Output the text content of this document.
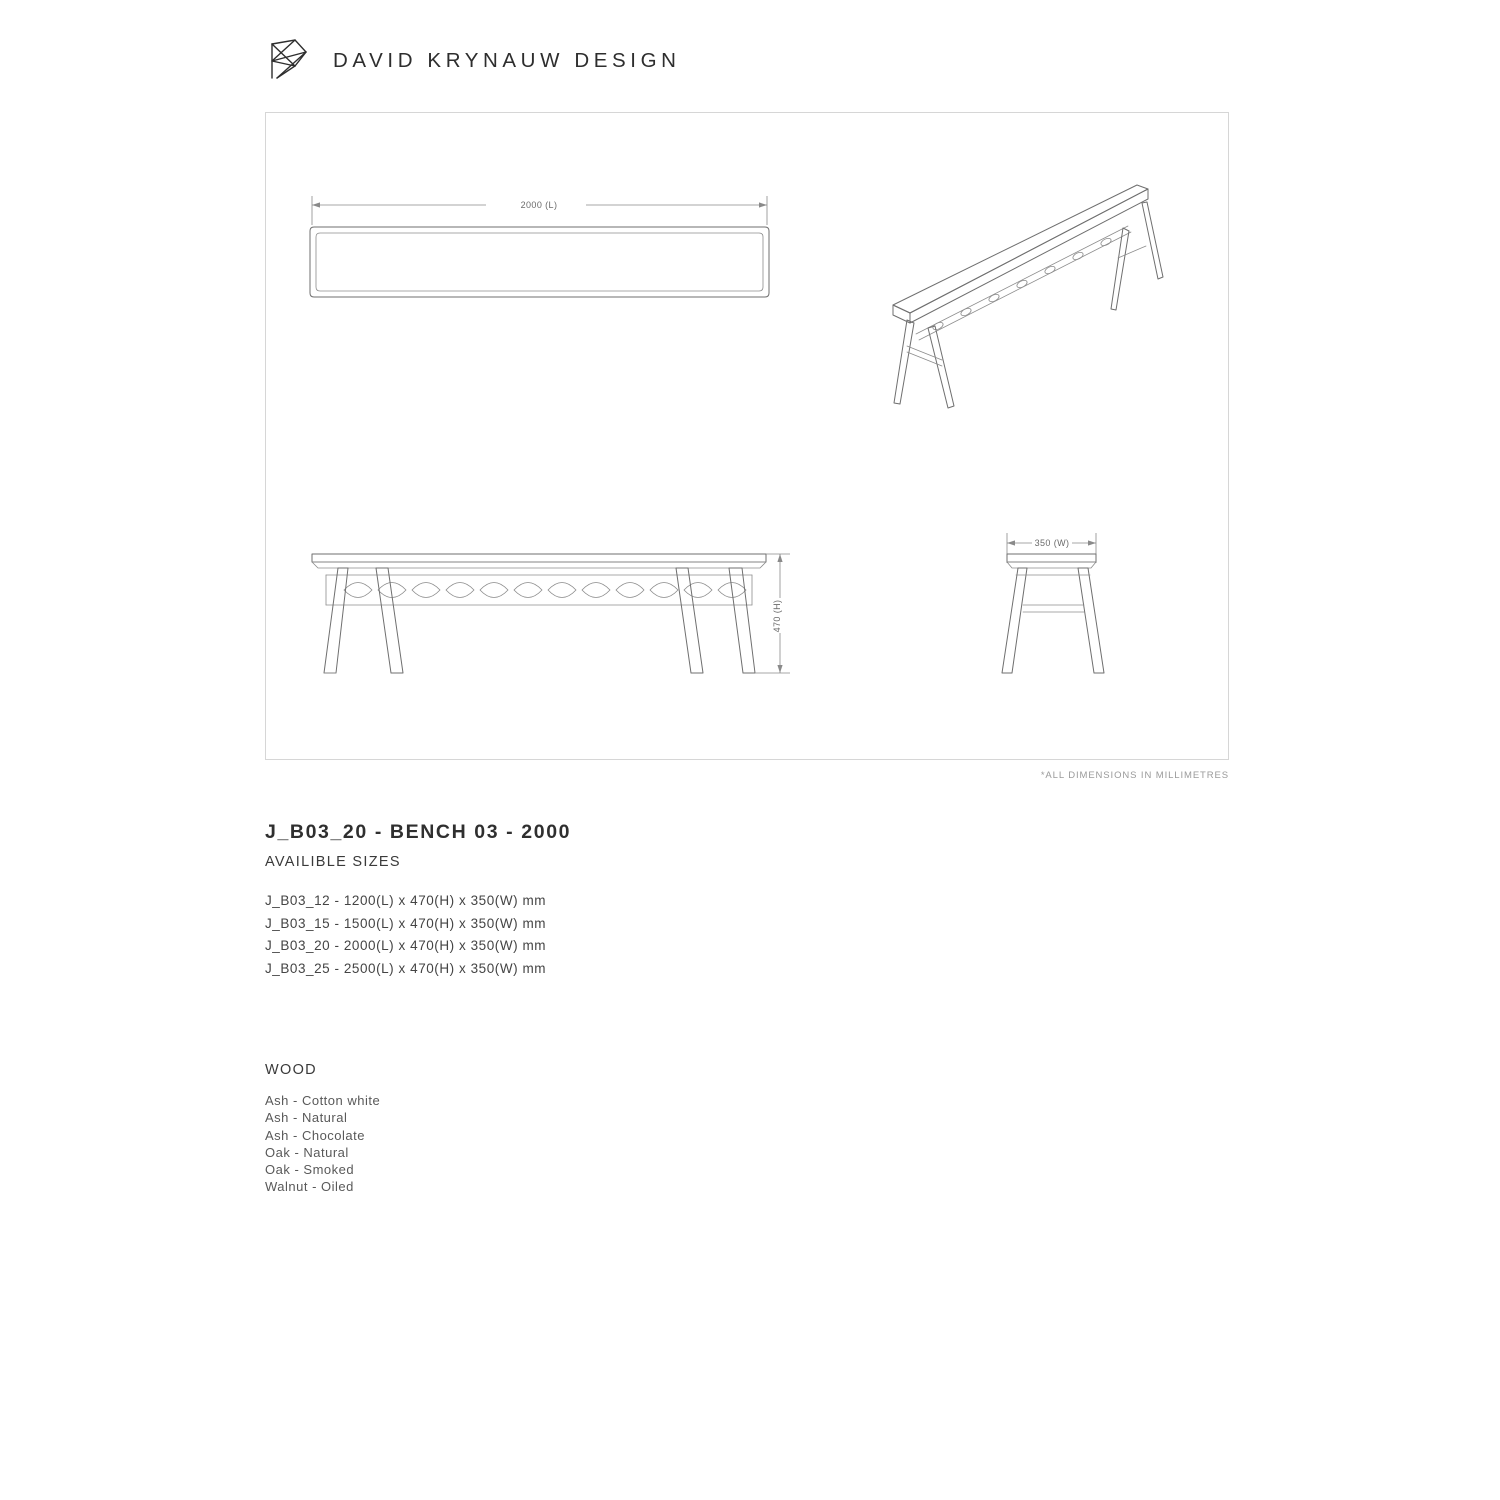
DAVID KRYNAUW DESIGN
2000 (L)
470 (H)
350 (W)
*ALL DIMENSIONS IN MILLIMETRES
J_B03_20 - BENCH 03 - 2000
AVAILIBLE SIZES
J_B03_12 - 1200(L) x 470(H) x 350(W) mm
J_B03_15 - 1500(L) x 470(H) x 350(W) mm
J_B03_20 - 2000(L) x 470(H) x 350(W) mm
J_B03_25 - 2500(L) x 470(H) x 350(W) mm
WOOD
Ash - Cotton white
Ash - Natural
Ash - Chocolate
Oak - Natural
Oak - Smoked
Walnut - Oiled
